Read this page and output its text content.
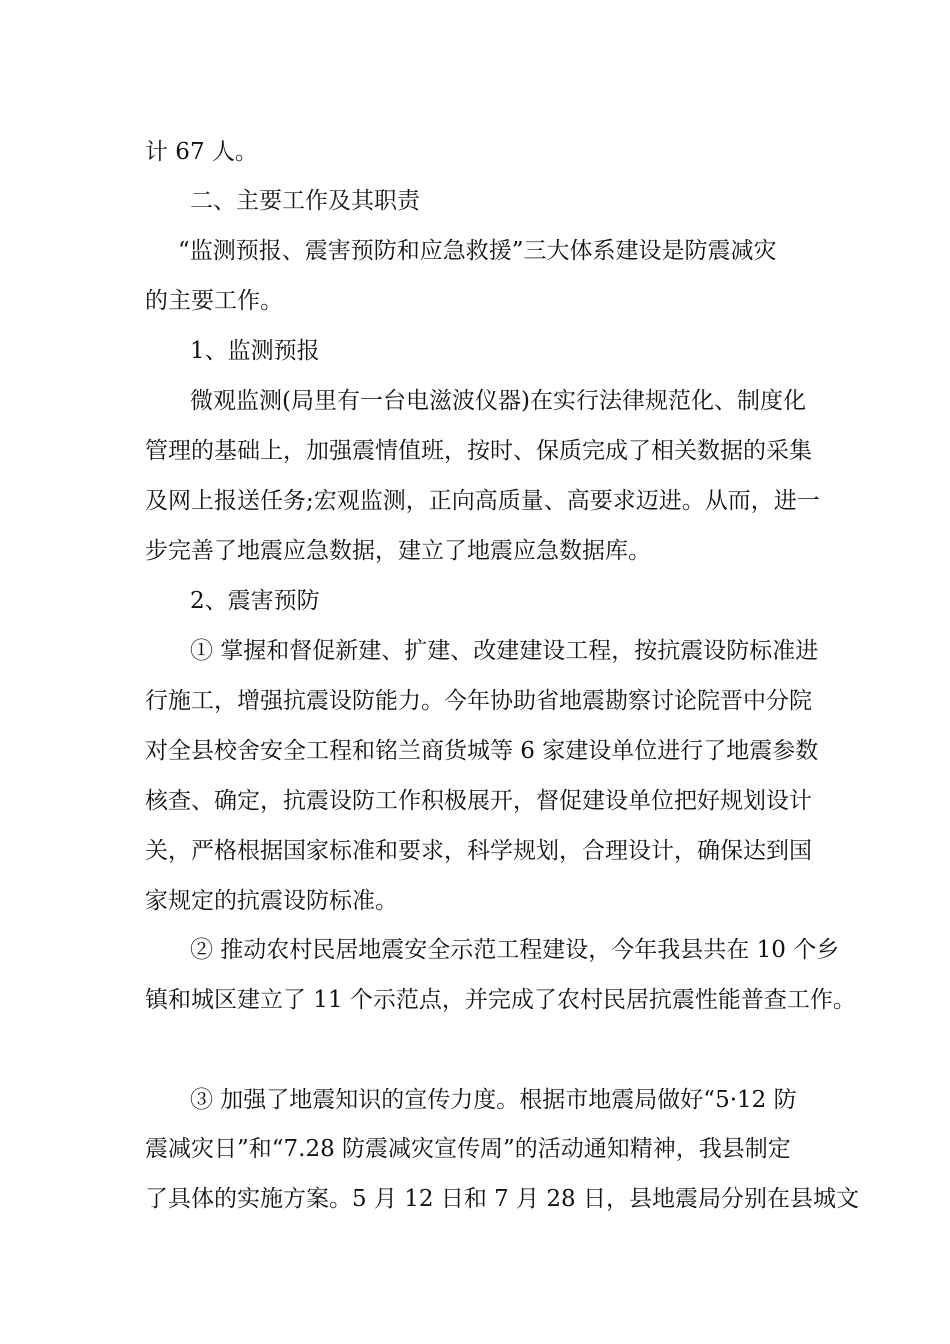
计 67 人。
二、主要工作及其职责
“监测预报、震害预防和应急救援”三大体系建设是防震减灾
的主要工作。
1、监测预报
微观监测(局里有一台电滋波仪器)在实行法律规范化、制度化
管理的基础上，加强震情值班，按时、保质完成了相关数据的采集
及网上报送任务;宏观监测，正向高质量、高要求迈进。从而，进一
步完善了地震应急数据，建立了地震应急数据库。
2、震害预防
① 掌握和督促新建、扩建、改建建设工程，按抗震设防标准进
行施工，增强抗震设防能力。今年协助省地震勘察讨论院晋中分院
对全县校舍安全工程和铭兰商货城等 6 家建设单位进行了地震参数
核查、确定，抗震设防工作积极展开，督促建设单位把好规划设计
关，严格根据国家标准和要求，科学规划，合理设计，确保达到国
家规定的抗震设防标准。
② 推动农村民居地震安全示范工程建设，今年我县共在 10 个乡
镇和城区建立了 11 个示范点，并完成了农村民居抗震性能普查工作。
③ 加强了地震知识的宣传力度。根据市地震局做好“5·12 防
震减灾日”和“7.28 防震减灾宣传周”的活动通知精神，我县制定
了具体的实施方案。5 月 12 日和 7 月 28 日，县地震局分别在县城文
